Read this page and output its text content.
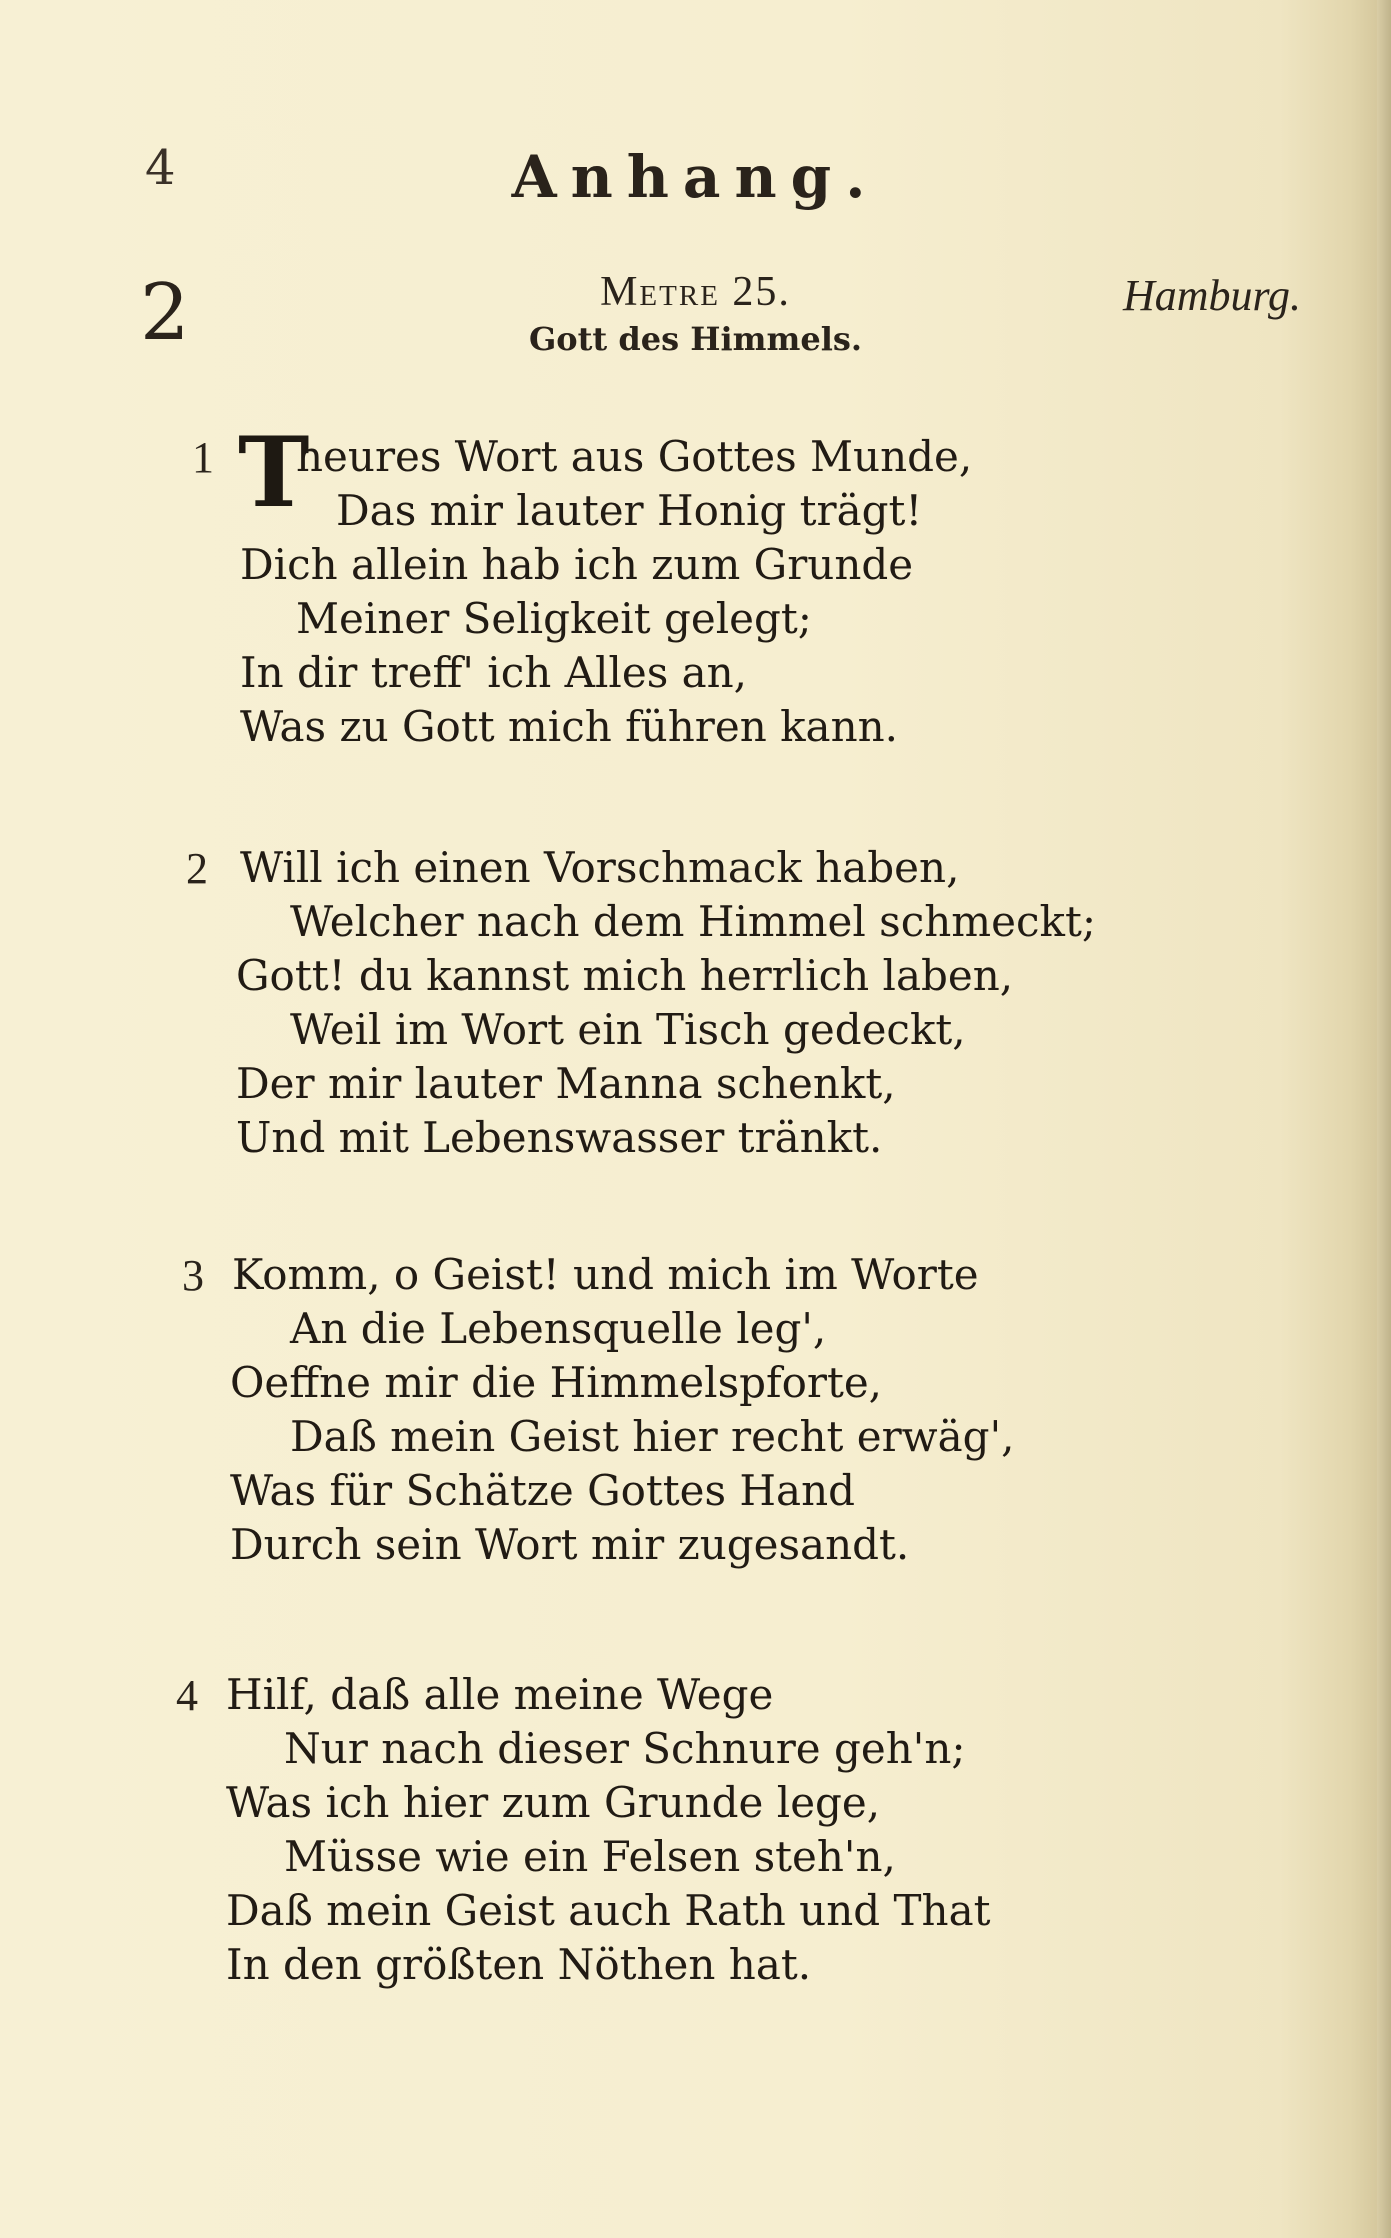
4	Anhang.
2	Metre 25.	Hamburg.
Gott des Himmels.
1 T
heures Wort aus Gottes Munde,
Das mir lauter Honig trägt!
Dich allein hab ich zum Grunde
Meiner Seligkeit gelegt;
In dir treff' ich Alles an,
Was zu Gott mich führen kann.
2 Will ich einen Vorschmack haben,
Welcher nach dem Himmel schmeckt;
Gott! du kannst mich herrlich laben,
Weil im Wort ein Tisch gedeckt,
Der mir lauter Manna schenkt,
Und mit Lebenswasser tränkt.
3 Komm, o Geist! und mich im Worte
An die Lebensquelle leg',
Oeffne mir die Himmelspforte,
Daß mein Geist hier recht erwäg',
Was für Schätze Gottes Hand
Durch sein Wort mir zugesandt.
4 Hilf, daß alle meine Wege
Nur nach dieser Schnure geh'n;
Was ich hier zum Grunde lege,
Müsse wie ein Felsen steh'n,
Daß mein Geist auch Rath und That
In den größten Nöthen hat.
